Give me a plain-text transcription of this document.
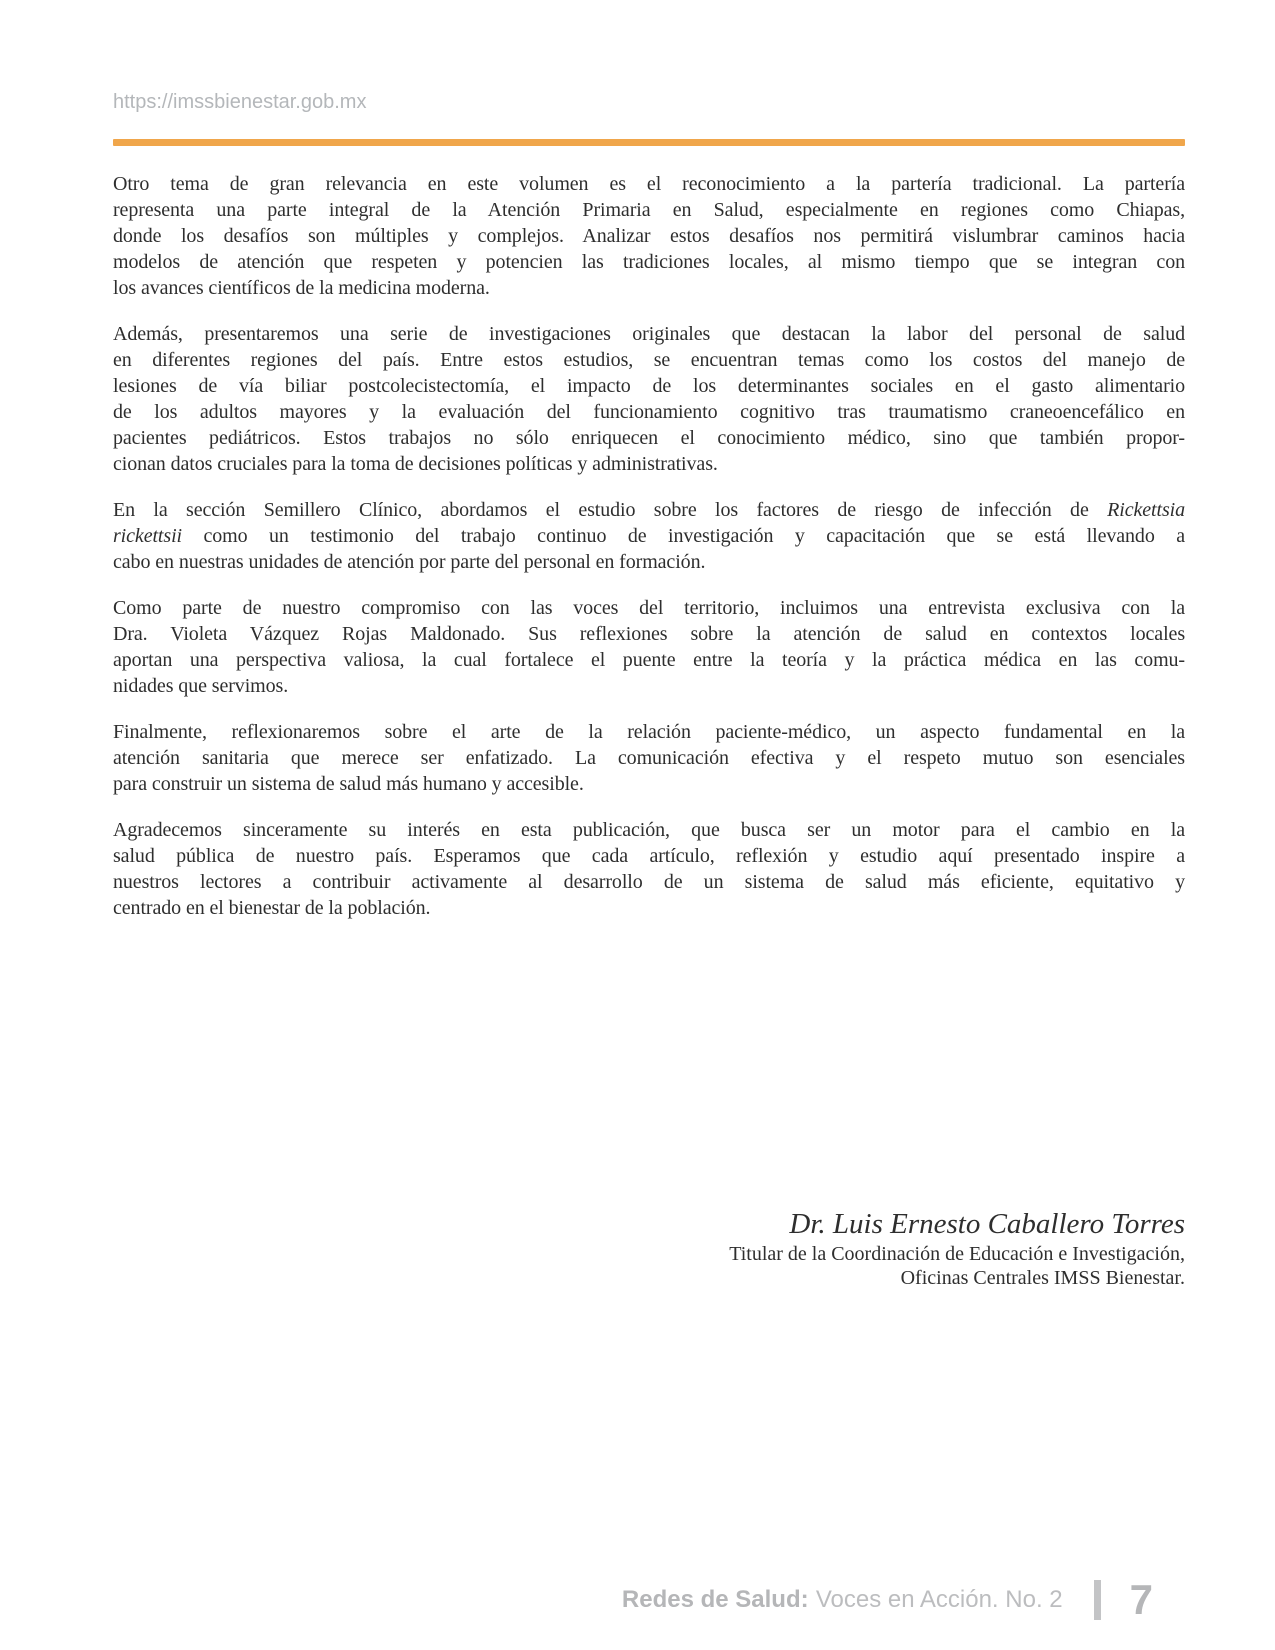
https://imssbienestar.gob.mx
Otro tema de gran relevancia en este volumen es el reconocimiento a la partería tradicional. La partería
representa una parte integral de la Atención Primaria en Salud, especialmente en regiones como Chiapas,
donde los desafíos son múltiples y complejos. Analizar estos desafíos nos permitirá vislumbrar caminos hacia
modelos de atención que respeten y potencien las tradiciones locales, al mismo tiempo que se integran con
los avances científicos de la medicina moderna.
Además, presentaremos una serie de investigaciones originales que destacan la labor del personal de salud
en diferentes regiones del país. Entre estos estudios, se encuentran temas como los costos del manejo de
lesiones de vía biliar postcolecistectomía, el impacto de los determinantes sociales en el gasto alimentario
de los adultos mayores y la evaluación del funcionamiento cognitivo tras traumatismo craneoencefálico en
pacientes pediátricos. Estos trabajos no sólo enriquecen el conocimiento médico, sino que también propor-
cionan datos cruciales para la toma de decisiones políticas y administrativas.
En la sección Semillero Clínico, abordamos el estudio sobre los factores de riesgo de infección de Rickettsia
rickettsii como un testimonio del trabajo continuo de investigación y capacitación que se está llevando a
cabo en nuestras unidades de atención por parte del personal en formación.
Como parte de nuestro compromiso con las voces del territorio, incluimos una entrevista exclusiva con la
Dra. Violeta Vázquez Rojas Maldonado. Sus reflexiones sobre la atención de salud en contextos locales
aportan una perspectiva valiosa, la cual fortalece el puente entre la teoría y la práctica médica en las comu-
nidades que servimos.
Finalmente, reflexionaremos sobre el arte de la relación paciente-médico, un aspecto fundamental en la
atención sanitaria que merece ser enfatizado. La comunicación efectiva y el respeto mutuo son esenciales
para construir un sistema de salud más humano y accesible.
Agradecemos sinceramente su interés en esta publicación, que busca ser un motor para el cambio en la
salud pública de nuestro país. Esperamos que cada artículo, reflexión y estudio aquí presentado inspire a
nuestros lectores a contribuir activamente al desarrollo de un sistema de salud más eficiente, equitativo y
centrado en el bienestar de la población.
Dr. Luis Ernesto Caballero Torres
Titular de la Coordinación de Educación e Investigación,
Oficinas Centrales IMSS Bienestar.
Redes de Salud: Voces en Acción. No. 2 7
